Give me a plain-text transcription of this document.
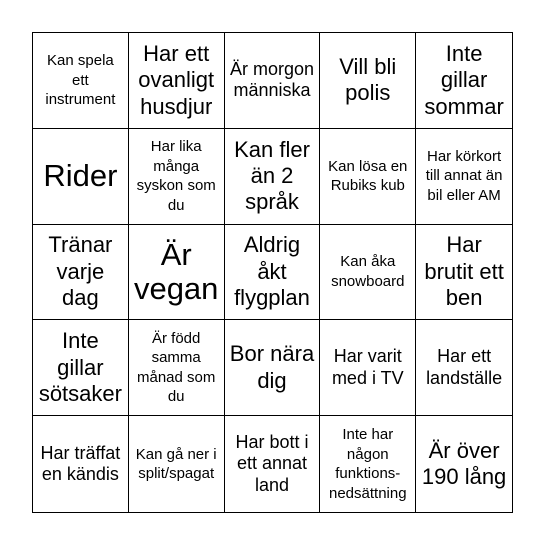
Kan spela ett instrument
Har ett ovanligt husdjur
Är morgon människa
Vill bli polis
Inte gillar sommar
Rider
Har lika många syskon som du
Kan fler än 2 språk
Kan lösa en Rubiks kub
Har körkort till annat än bil eller AM
Tränar varje dag
Är vegan
Aldrig åkt flygplan
Kan åka snowboard
Har brutit ett ben
Inte gillar sötsaker
Är född samma månad som du
Bor nära dig
Har varit med i TV
Har ett landställe
Har träffat en kändis
Kan gå ner i split/spagat
Har bott i ett annat land
Inte har någon funktions-nedsättning
Är över 190 lång
